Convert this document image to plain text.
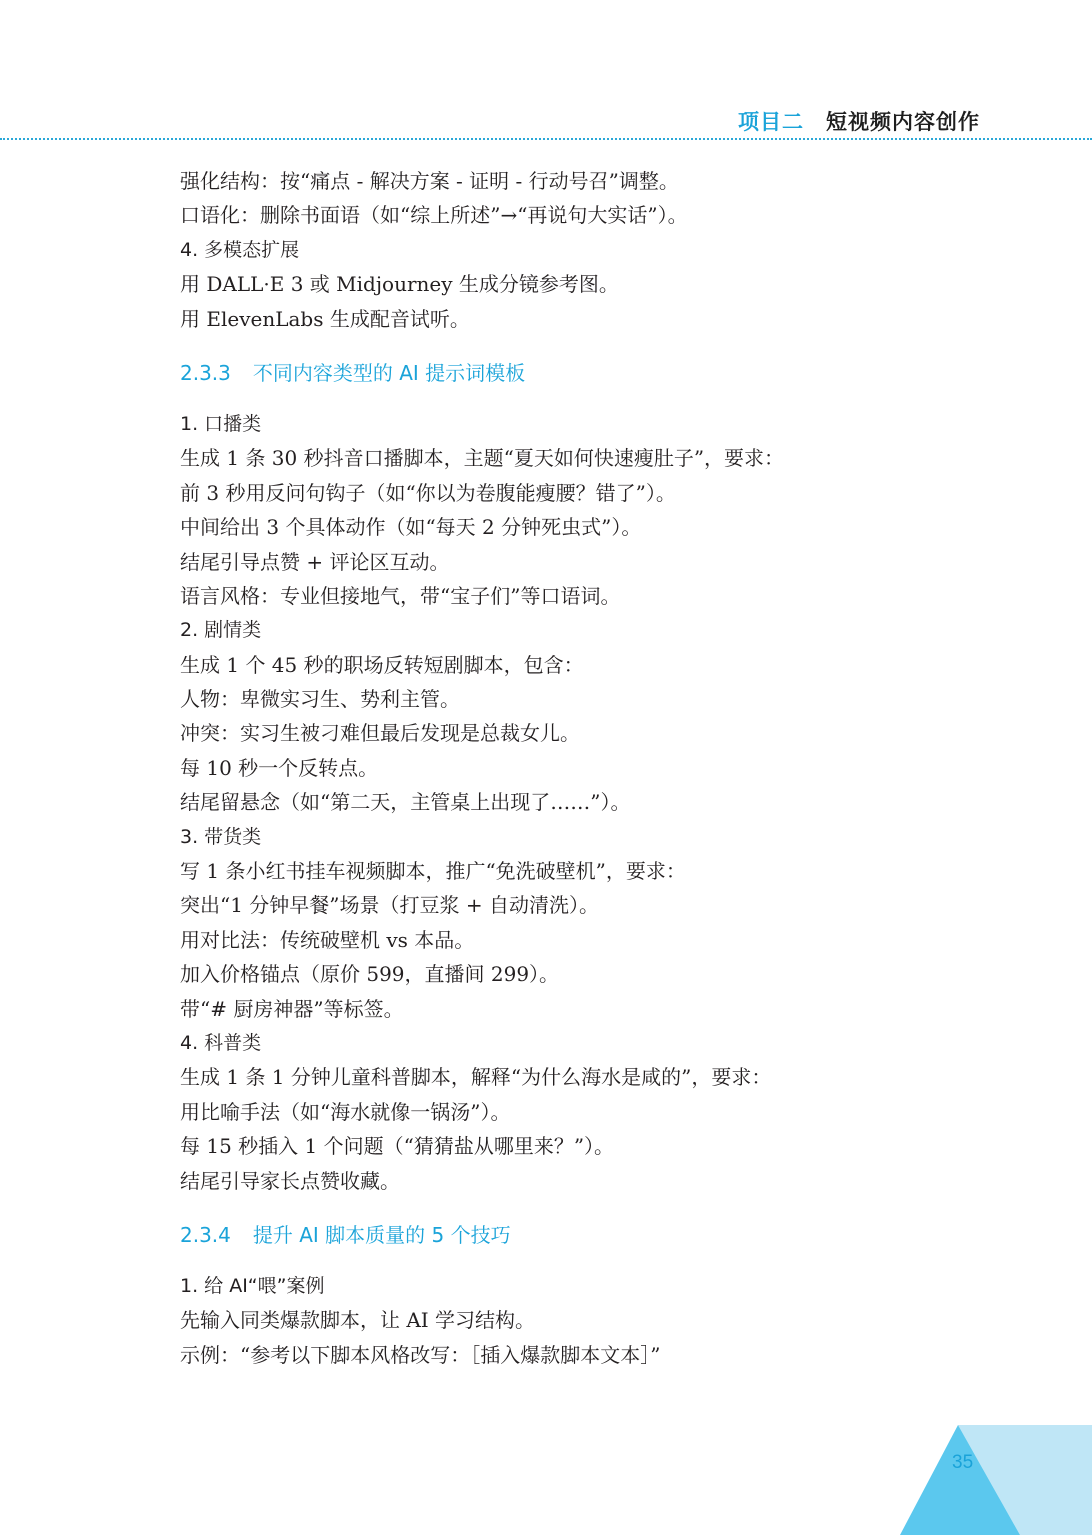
项目二 短视频内容创作
强化结构：按“痛点 - 解决方案 - 证明 - 行动号召”调整。
口语化：删除书面语（如“综上所述”→“再说句大实话”）。
4. 多模态扩展
用 DALL·E 3 或 Midjourney 生成分镜参考图。
用 ElevenLabs 生成配音试听。
2.3.3 不同内容类型的 AI 提示词模板
1. 口播类
生成 1 条 30 秒抖音口播脚本，主题“夏天如何快速瘦肚子”，要求：
前 3 秒用反问句钩子（如“你以为卷腹能瘦腰？错了”）。
中间给出 3 个具体动作（如“每天 2 分钟死虫式”）。
结尾引导点赞 + 评论区互动。
语言风格：专业但接地气，带“宝子们”等口语词。
2. 剧情类
生成 1 个 45 秒的职场反转短剧脚本，包含：
人物：卑微实习生、势利主管。
冲突：实习生被刁难但最后发现是总裁女儿。
每 10 秒一个反转点。
结尾留悬念（如“第二天，主管桌上出现了……”）。
3. 带货类
写 1 条小红书挂车视频脚本，推广“免洗破壁机”，要求：
突出“1 分钟早餐”场景（打豆浆 + 自动清洗）。
用对比法：传统破壁机 vs 本品。
加入价格锚点（原价 599，直播间 299）。
带“# 厨房神器”等标签。
4. 科普类
生成 1 条 1 分钟儿童科普脚本，解释“为什么海水是咸的”，要求：
用比喻手法（如“海水就像一锅汤”）。
每 15 秒插入 1 个问题（“猜猜盐从哪里来？”）。
结尾引导家长点赞收藏。
2.3.4 提升 AI 脚本质量的 5 个技巧
1. 给 AI“喂”案例
先输入同类爆款脚本，让 AI 学习结构。
示例：“参考以下脚本风格改写：［插入爆款脚本文本］”
35
